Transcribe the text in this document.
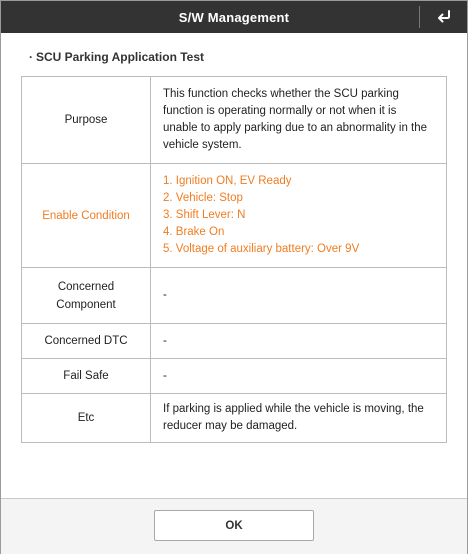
S/W Management
· SCU Parking Application Test
Purpose	This function checks whether the SCU parking function is operating normally or not when it is unable to apply parking due to an abnormality in the vehicle system.
Enable Condition	1. Ignition ON, EV Ready
2. Vehicle: Stop
3. Shift Lever: N
4. Brake On
5. Voltage of auxiliary battery: Over 9V

Concerned
Component	-
Concerned DTC	-
Fail Safe	-
Etc	If parking is applied while the vehicle is moving, the reducer may be damaged.
OK
